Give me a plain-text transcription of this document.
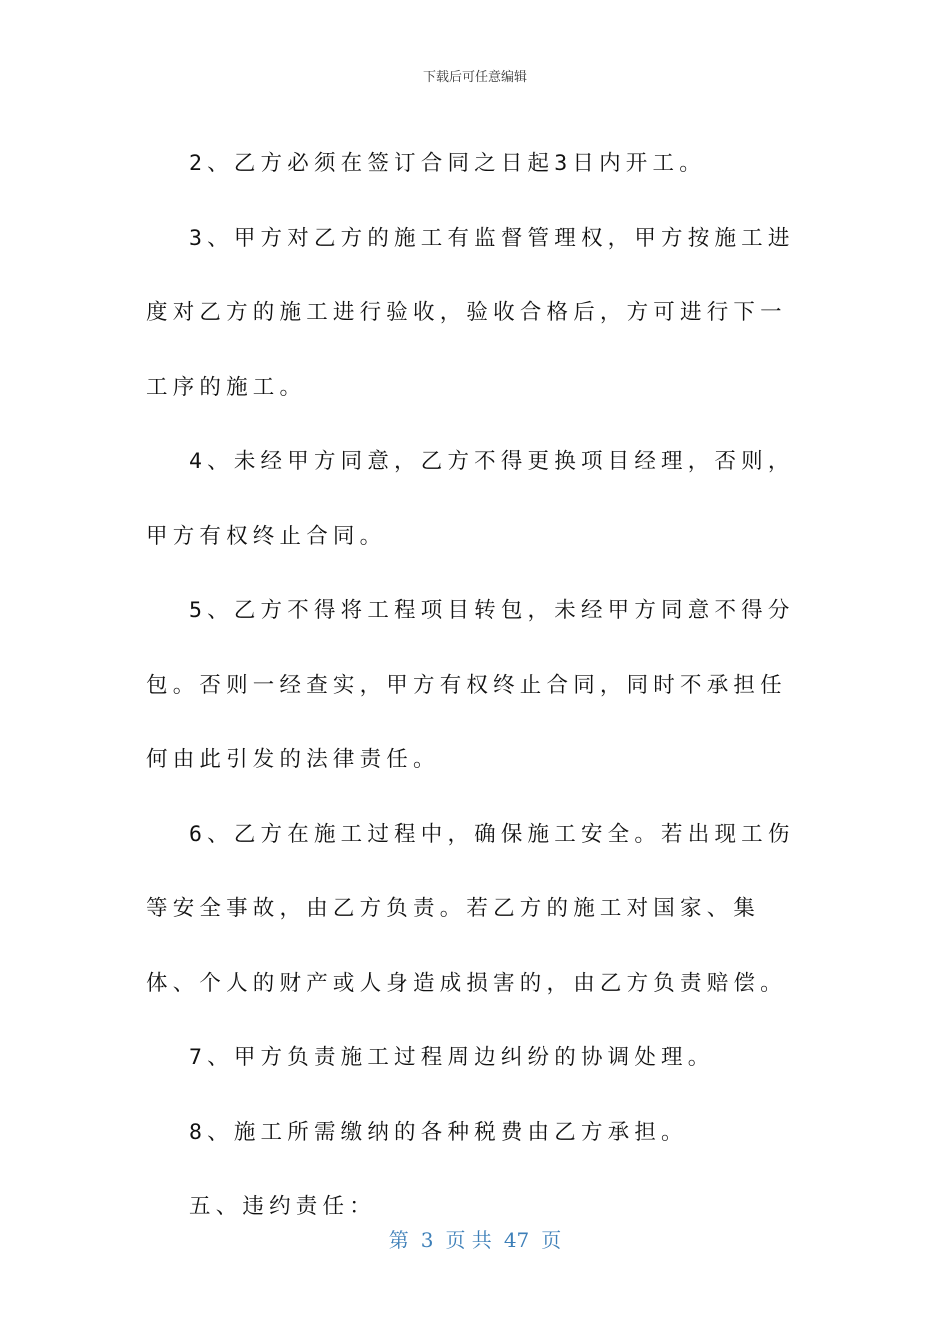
下载后可任意编辑

2、乙方必须在签订合同之日起3日内开工。

3、甲方对乙方的施工有监督管理权，甲方按施工进度对乙方的施工进行验收，验收合格后，方可进行下一工序的施工。

4、未经甲方同意，乙方不得更换项目经理，否则，甲方有权终止合同。

5、乙方不得将工程项目转包，未经甲方同意不得分包。否则一经查实，甲方有权终止合同，同时不承担任何由此引发的法律责任。

6、乙方在施工过程中，确保施工安全。若出现工伤等安全事故，由乙方负责。若乙方的施工对国家、集体、个人的财产或人身造成损害的，由乙方负责赔偿。

7、甲方负责施工过程周边纠纷的协调处理。

8、施工所需缴纳的各种税费由乙方承担。

五、违约责任：

第 3 页 共 47 页
